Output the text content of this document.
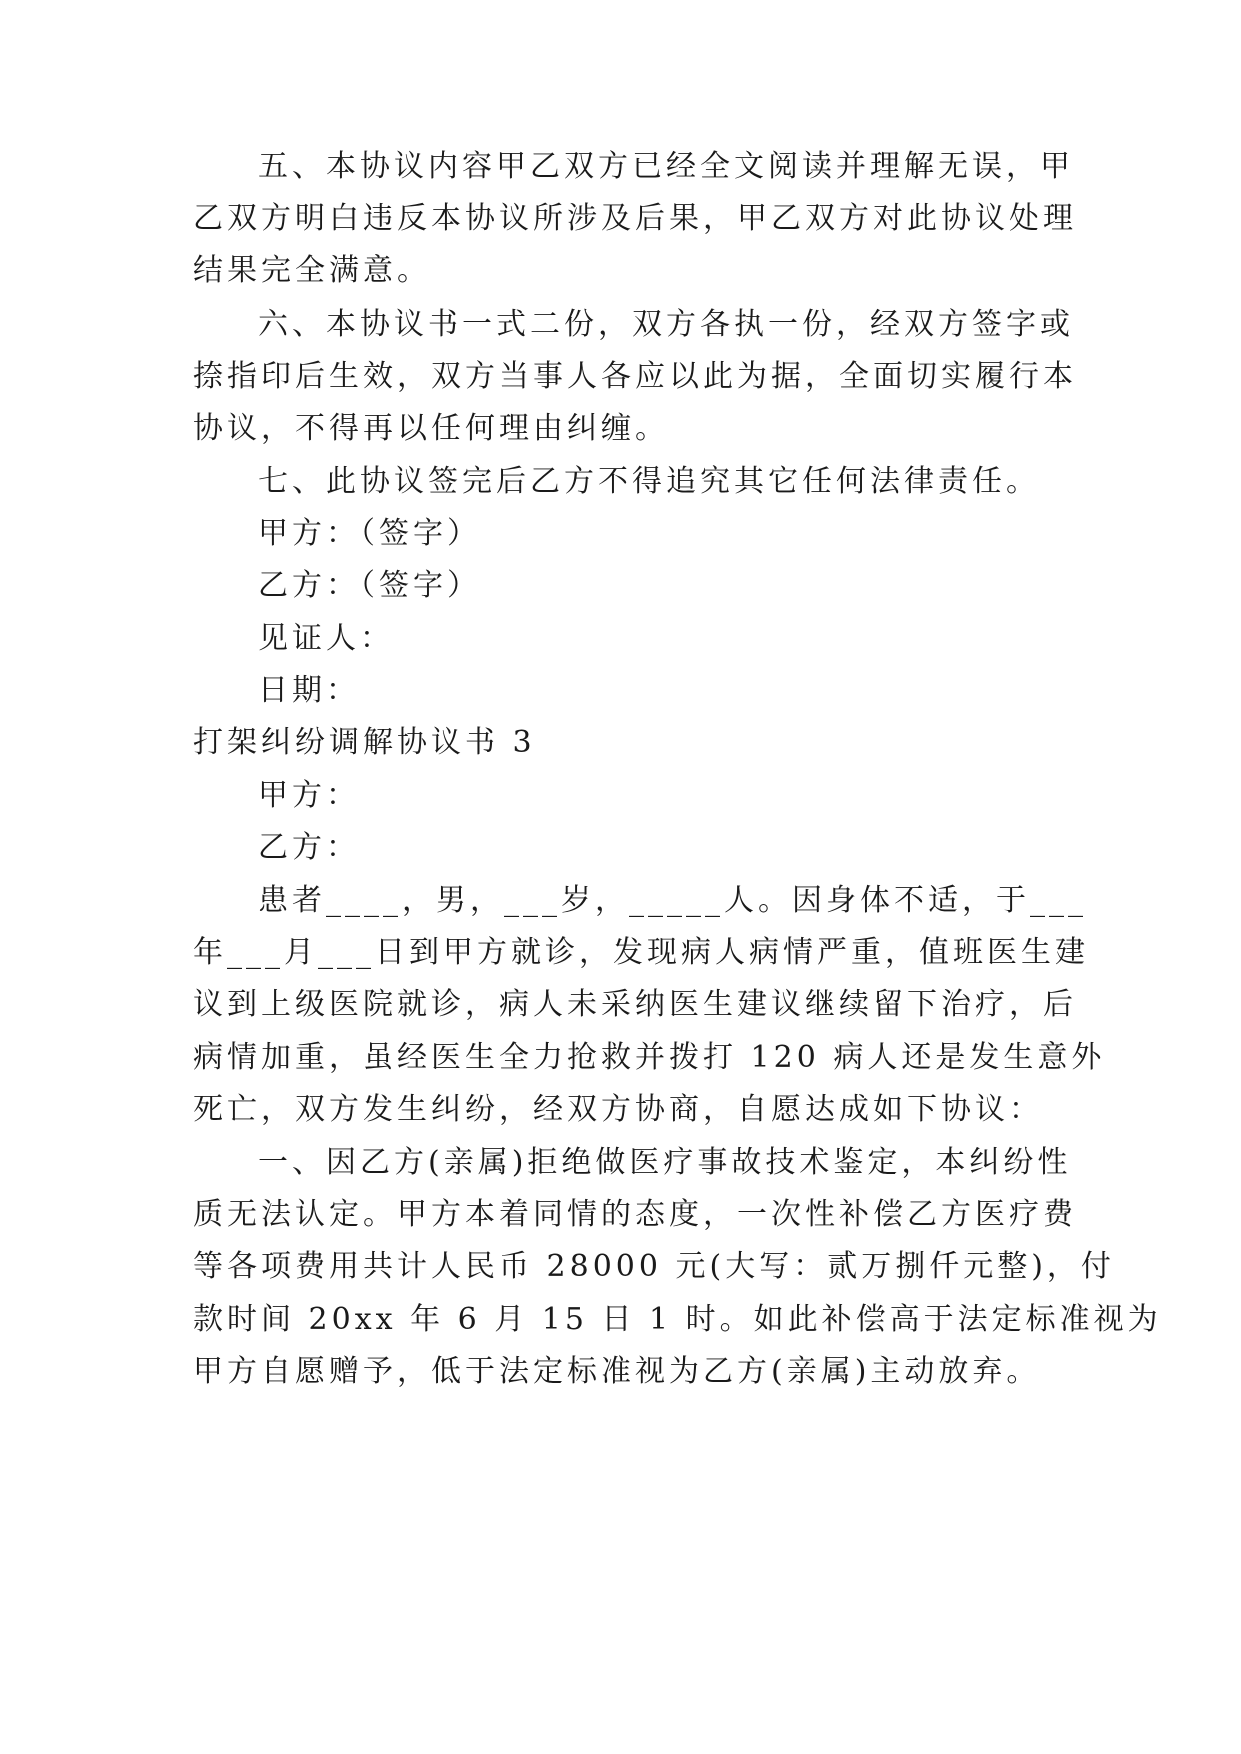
五、本协议内容甲乙双方已经全文阅读并理解无误，甲
乙双方明白违反本协议所涉及后果，甲乙双方对此协议处理
结果完全满意。
六、本协议书一式二份，双方各执一份，经双方签字或
捺指印后生效，双方当事人各应以此为据，全面切实履行本
协议，不得再以任何理由纠缠。
七、此协议签完后乙方不得追究其它任何法律责任。
甲方：（签字）
乙方：（签字）
见证人：
日期：
打架纠纷调解协议书 3
甲方：
乙方：
患者____，男，___岁，_____人。因身体不适，于___
年___月___日到甲方就诊，发现病人病情严重，值班医生建
议到上级医院就诊，病人未采纳医生建议继续留下治疗，后
病情加重，虽经医生全力抢救并拨打 120 病人还是发生意外
死亡，双方发生纠纷，经双方协商，自愿达成如下协议：
一、因乙方(亲属)拒绝做医疗事故技术鉴定，本纠纷性
质无法认定。甲方本着同情的态度，一次性补偿乙方医疗费
等各项费用共计人民币 28000 元(大写：贰万捌仟元整)，付
款时间 20xx 年 6 月 15 日 1 时。如此补偿高于法定标准视为
甲方自愿赠予，低于法定标准视为乙方(亲属)主动放弃。
